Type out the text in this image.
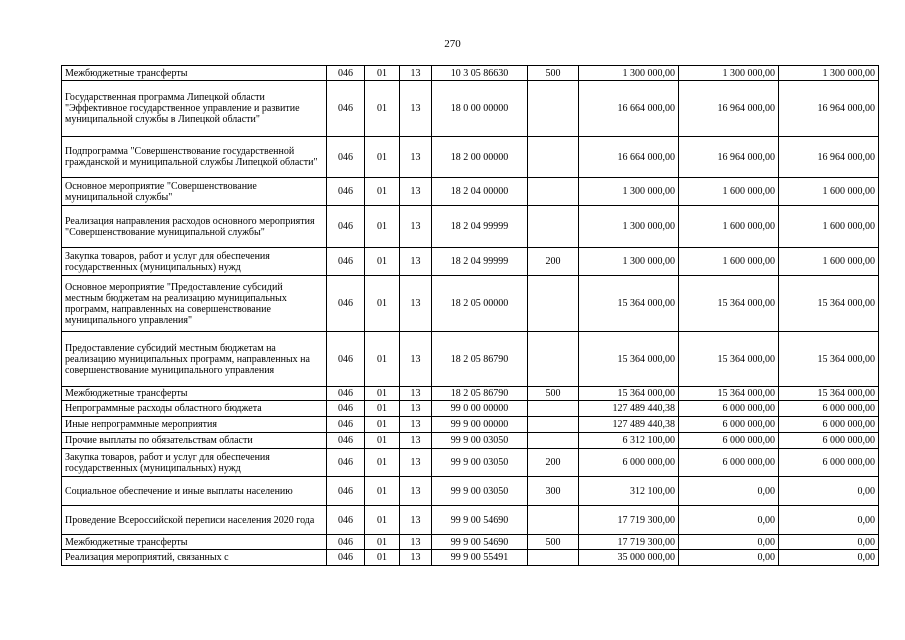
270
Межбюджетные трансферты	046	01	13	10 3 05 86630	500	1 300 000,00	1 300 000,00	1 300 000,00
Государственная программа Липецкой области "Эффективное государственное управление и развитие муниципальной службы в Липецкой области"	046	01	13	18 0 00 00000		16 664 000,00	16 964 000,00	16 964 000,00
Подпрограмма "Совершенствование государственной гражданской и муниципальной службы Липецкой области"	046	01	13	18 2 00 00000		16 664 000,00	16 964 000,00	16 964 000,00
Основное мероприятие "Совершенствование муниципальной службы"	046	01	13	18 2 04 00000		1 300 000,00	1 600 000,00	1 600 000,00
Реализация направления расходов основного мероприятия "Совершенствование муниципальной службы"	046	01	13	18 2 04 99999		1 300 000,00	1 600 000,00	1 600 000,00
Закупка товаров, работ и услуг для обеспечения государственных (муниципальных) нужд	046	01	13	18 2 04 99999	200	1 300 000,00	1 600 000,00	1 600 000,00
Основное мероприятие "Предоставление субсидий местным бюджетам на реализацию муниципальных программ, направленных на совершенствование муниципального управления"	046	01	13	18 2 05 00000		15 364 000,00	15 364 000,00	15 364 000,00
Предоставление субсидий местным бюджетам на реализацию муниципальных программ, направленных на совершенствование муниципального управления	046	01	13	18 2 05 86790		15 364 000,00	15 364 000,00	15 364 000,00
Межбюджетные трансферты	046	01	13	18 2 05 86790	500	15 364 000,00	15 364 000,00	15 364 000,00
Непрограммные расходы областного бюджета	046	01	13	99 0 00 00000		127 489 440,38	6 000 000,00	6 000 000,00
Иные непрограммные мероприятия	046	01	13	99 9 00 00000		127 489 440,38	6 000 000,00	6 000 000,00
Прочие выплаты по обязательствам области	046	01	13	99 9 00 03050		6 312 100,00	6 000 000,00	6 000 000,00
Закупка товаров, работ и услуг для обеспечения государственных (муниципальных) нужд	046	01	13	99 9 00 03050	200	6 000 000,00	6 000 000,00	6 000 000,00
Социальное обеспечение и иные выплаты населению	046	01	13	99 9 00 03050	300	312 100,00	0,00	0,00
Проведение Всероссийской переписи населения 2020 года	046	01	13	99 9 00 54690		17 719 300,00	0,00	0,00
Межбюджетные трансферты	046	01	13	99 9 00 54690	500	17 719 300,00	0,00	0,00
Реализация мероприятий, связанных с	046	01	13	99 9 00 55491		35 000 000,00	0,00	0,00
